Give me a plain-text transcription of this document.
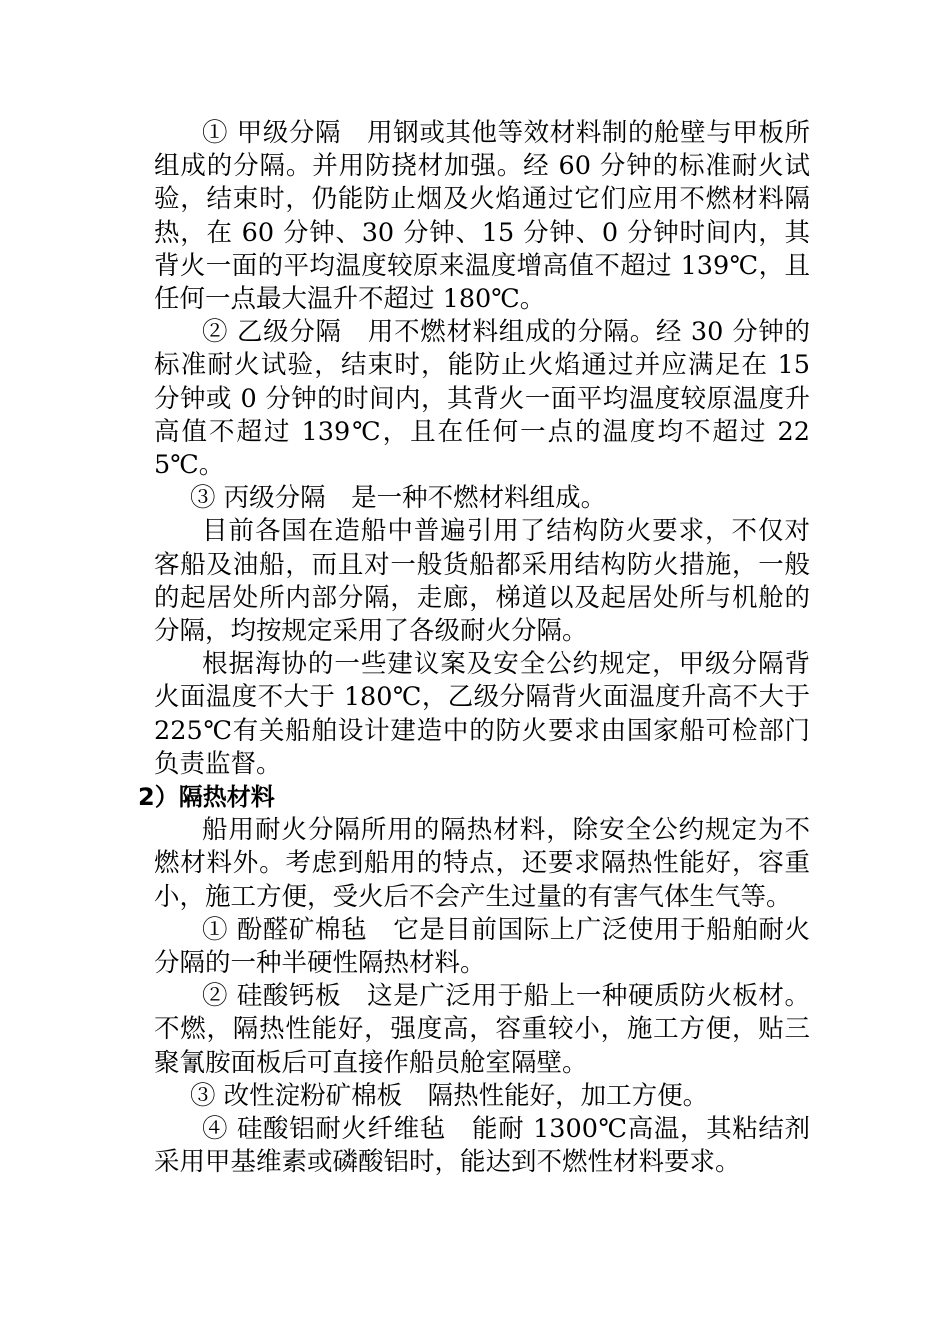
① 甲级分隔　用钢或其他等效材料制的舱壁与甲板所组成的分隔。并用防挠材加强。经 60 分钟的标准耐火试验，结束时，仍能防止烟及火焰通过它们应用不燃材料隔热，在 60 分钟、30 分钟、15 分钟、0 分钟时间内，其背火一面的平均温度较原来温度增高值不超过 139℃，且任何一点最大温升不超过 180℃。

② 乙级分隔　用不燃材料组成的分隔。经 30 分钟的标准耐火试验，结束时，能防止火焰通过并应满足在 15 分钟或 0 分钟的时间内，其背火一面平均温度较原温度升高值不超过 139℃，且在任何一点的温度均不超过 225℃。

③ 丙级分隔　是一种不燃材料组成。

目前各国在造船中普遍引用了结构防火要求，不仅对客船及油船，而且对一般货船都采用结构防火措施，一般的起居处所内部分隔，走廊，梯道以及起居处所与机舱的分隔，均按规定采用了各级耐火分隔。

根据海协的一些建议案及安全公约规定，甲级分隔背火面温度不大于 180℃，乙级分隔背火面温度升高不大于 225℃有关船舶设计建造中的防火要求由国家船可检部门负责监督。

2）隔热材料

船用耐火分隔所用的隔热材料，除安全公约规定为不燃材料外。考虑到船用的特点，还要求隔热性能好，容重小，施工方便，受火后不会产生过量的有害气体生气等。

① 酚醛矿棉毡　它是目前国际上广泛使用于船舶耐火分隔的一种半硬性隔热材料。

② 硅酸钙板　这是广泛用于船上一种硬质防火板材。不燃，隔热性能好，强度高，容重较小，施工方便，贴三聚氰胺面板后可直接作船员舱室隔壁。

③ 改性淀粉矿棉板　隔热性能好，加工方便。

④ 硅酸铝耐火纤维毡　能耐 1300℃高温，其粘结剂采用甲基维素或磷酸铝时，能达到不燃性材料要求。
